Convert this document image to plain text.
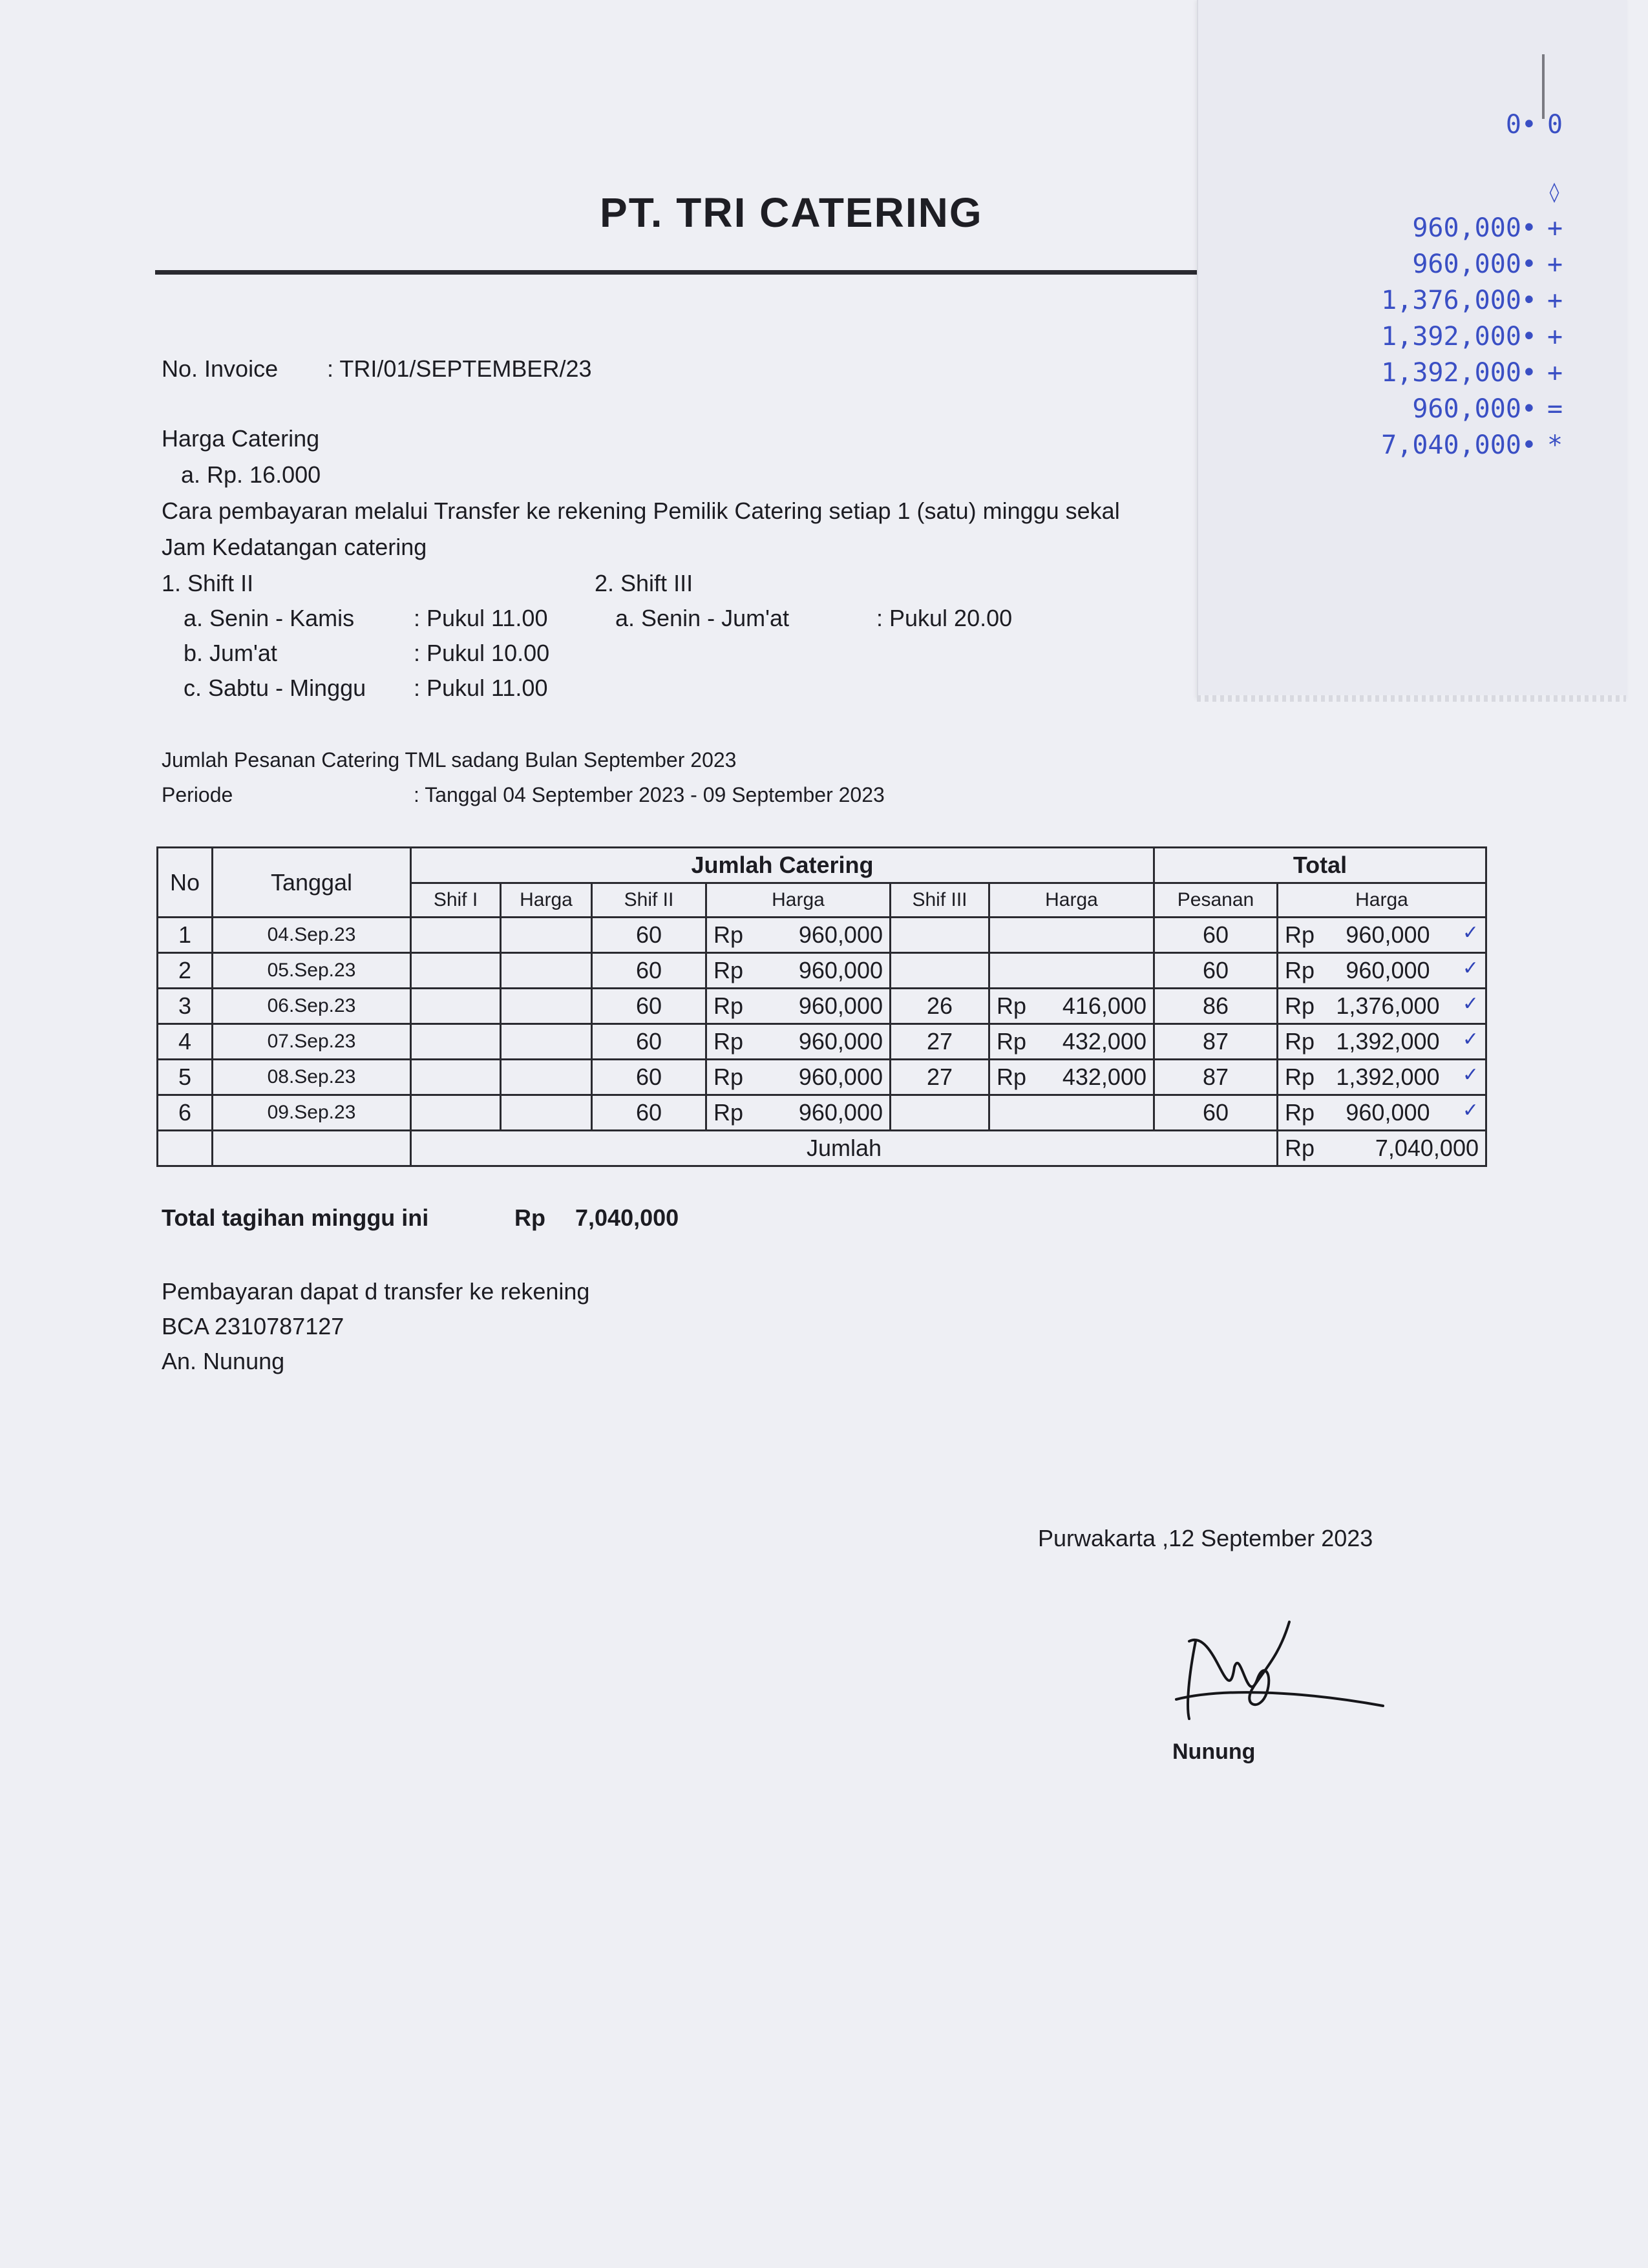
PT. TRI CATERING
0• 0
◊
960,000• +
960,000• +
1,376,000• +
1,392,000• +
1,392,000• +
960,000• =
7,040,000• *
No. Invoice : TRI/01/SEPTEMBER/23
Harga Catering
a. Rp. 16.000
Cara pembayaran melalui Transfer ke rekening Pemilik Catering setiap 1 (satu) minggu sekal
Jam Kedatangan catering
1. Shift II
a. Senin - Kamis	: Pukul 11.00
b. Jum'at	: Pukul 10.00
c. Sabtu - Minggu : Pukul 11.00
2. Shift III
a. Senin - Jum'at	: Pukul 20.00
Jumlah Pesanan Catering TML sadang Bulan September 2023
Periode	: Tanggal 04 September 2023 - 09 September 2023
No	Tanggal	Jumlah Catering						Total	
		Shif I	Harga	Shif II	Harga	Shif III	Harga	Pesanan	Harga
1	04.Sep.23			60	Rp 960,000			60	Rp 960,000 ✓

2	05.Sep.23			60	Rp 960,000			60	Rp 960,000 ✓

3	06.Sep.23			60	Rp 960,000	26	Rp 416,000	86	Rp 1,376,000 ✓

4	07.Sep.23			60	Rp 960,000	27	Rp 432,000	87	Rp 1,392,000 ✓

5	08.Sep.23			60	Rp 960,000	27	Rp 432,000	87	Rp 1,392,000 ✓

6	09.Sep.23			60	Rp 960,000			60	Rp 960,000 ✓

		Jumlah							Rp 7,040,000
Total tagihan minggu ini	Rp 7,040,000
Pembayaran dapat d transfer ke rekening
BCA 2310787127
An. Nunung
Purwakarta ,12 September 2023
Nunung
